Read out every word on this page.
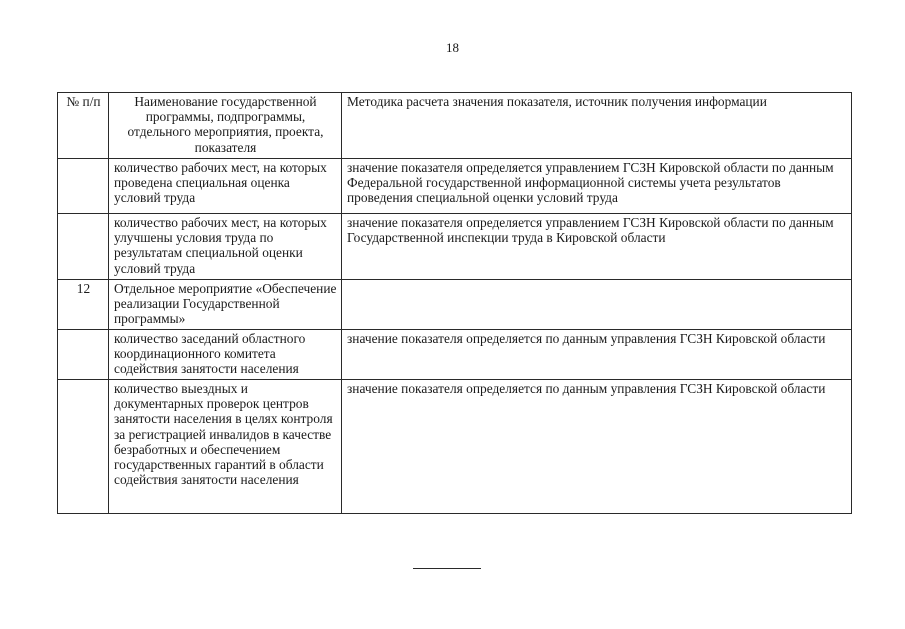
18
№ п/п	Наименование государственной программы, подпрограммы, отдельного мероприятия, проекта, показателя	Методика расчета значения показателя, источник получения информации
	количество рабочих мест, на которых проведена специальная оценка условий труда	значение показателя определяется управлением ГСЗН Кировской области по данным Федеральной государственной информационной системы учета результатов проведения специальной оценки условий труда
	количество рабочих мест, на которых улучшены условия труда по результатам специальной оценки условий труда	значение показателя определяется управлением ГСЗН Кировской области по данным Государственной инспекции труда в Кировской области
12	Отдельное мероприятие «Обеспечение реализации Государственной программы»	
	количество заседаний областного координационного комитета содействия занятости населения	значение показателя определяется по данным управления ГСЗН Кировской области
	количество выездных и документарных проверок центров занятости населения в целях контроля за регистрацией инвалидов в качестве безработных и обеспечением государственных гарантий в области содействия занятости населения	значение показателя определяется по данным управления ГСЗН Кировской области
